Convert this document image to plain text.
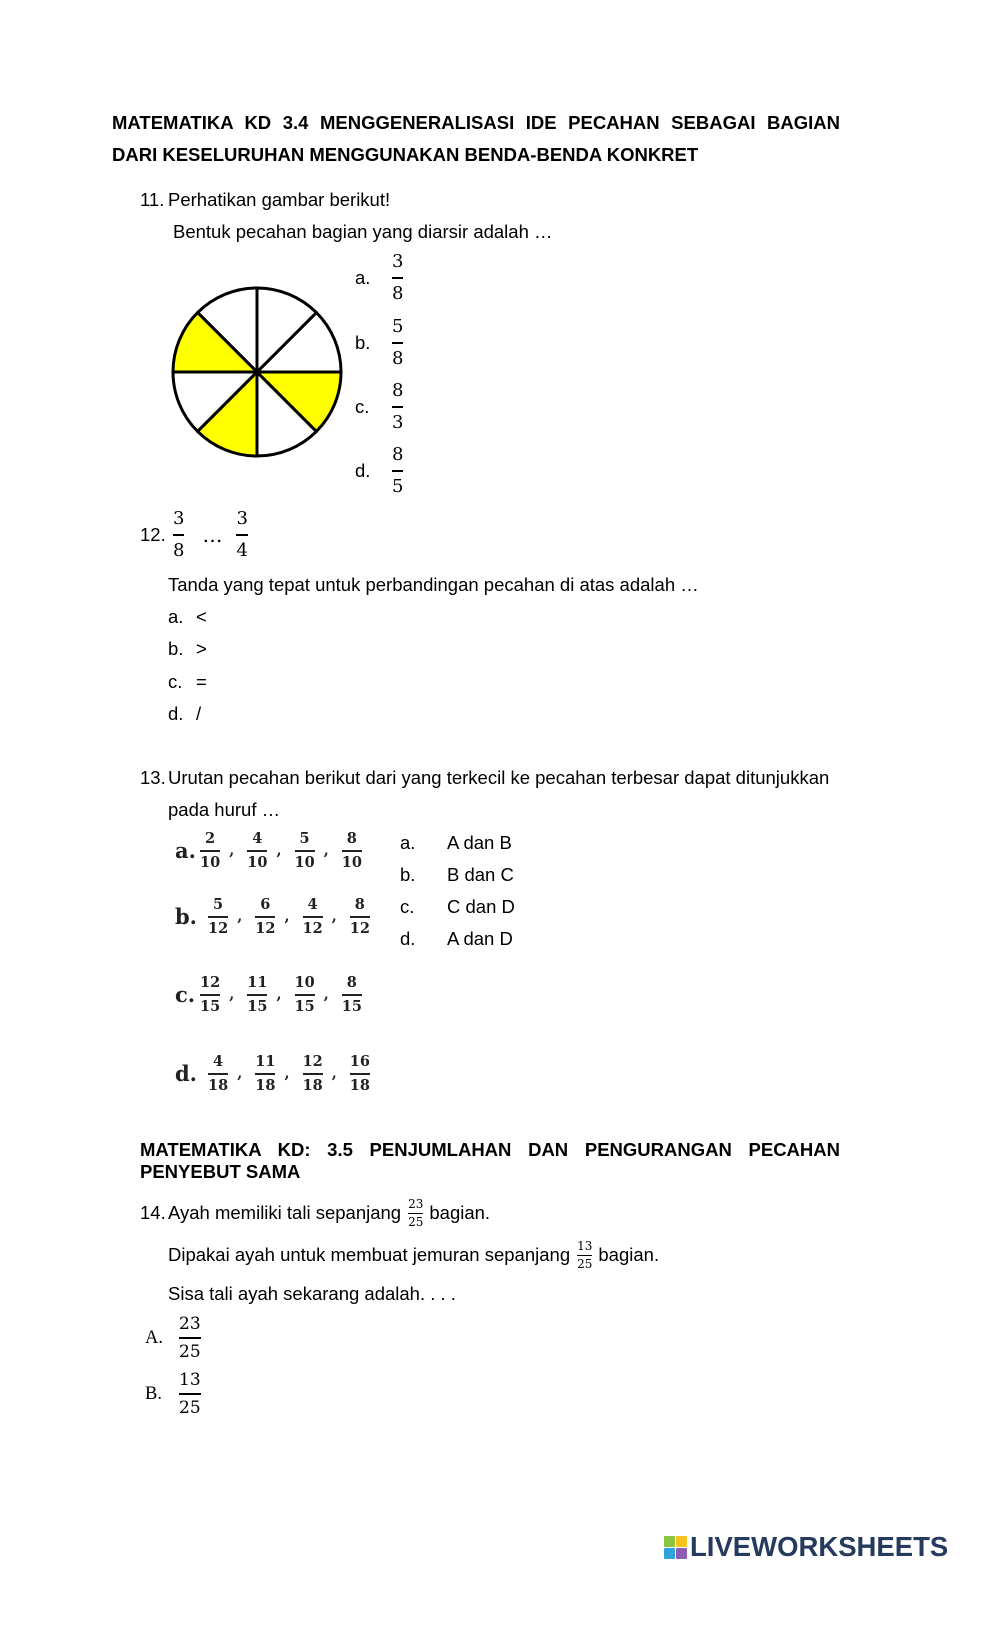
MATEMATIKA KD 3.4 MENGGENERALISASI IDE PECAHAN SEBAGAI BAGIAN
DARI KESELURUHAN MENGGUNAKAN BENDA-BENDA KONKRET
11. Perhatikan gambar berikut!
Bentuk pecahan bagian yang diarsir adalah …
a.	$\frac{3}{8}$
b.	$\frac{5}{8}$
c.	$\frac{8}{3}$
d.	$\frac{8}{5}$
12. $\frac{3}{8}$ … $\frac{3}{4}$
Tanda yang tepat untuk perbandingan pecahan di atas adalah …
a. <
b. >
c. =
d. /
13. Urutan pecahan berikut dari yang terkecil ke pecahan terbesar dapat ditunjukkan
pada huruf …
a. $\frac{2}{10}$ , $\frac{4}{10}$ , $\frac{5}{10}$ , $\frac{8}{10}$
b. $\frac{5}{12}$ , $\frac{6}{12}$ , $\frac{4}{12}$ , $\frac{8}{12}$
c. $\frac{12}{15}$ , $\frac{11}{15}$ , $\frac{10}{15}$ , $\frac{8}{15}$
d. $\frac{4}{18}$ , $\frac{11}{18}$ , $\frac{12}{18}$ , $\frac{16}{18}$
a.	A dan B
b.	B dan C
c.	C dan D
d.	A dan D
MATEMATIKA KD: 3.5 PENJUMLAHAN DAN PENGURANGAN PECAHAN
PENYEBUT SAMA
14. Ayah memiliki tali sepanjang $\frac{23}{25}$ bagian.
Dipakai ayah untuk membuat jemuran sepanjang $\frac{13}{25}$ bagian.
Sisa tali ayah sekarang adalah. . . .
A. $\frac{23}{25}$
B. $\frac{13}{25}$
LIVEWORKSHEETS
